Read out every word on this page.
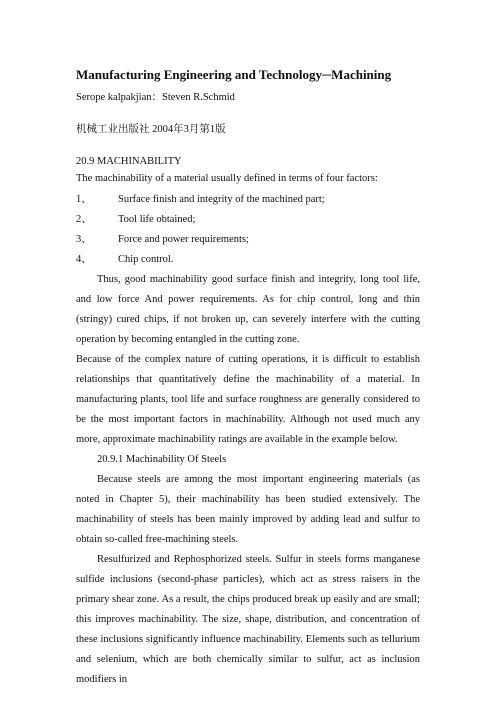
Manufacturing Engineering and Technology─Machining
Serope kalpakjian：Steven R.Schmid
机械工业出版社 2004年3月第1版
20.9 MACHINABILITY

The machinability of a material usually defined in terms of four factors:

1、	Surface finish and integrity of the machined part;
2、	Tool life obtained;
3、	Force and power requirements;
4、	Chip control.

Thus, good machinability good surface finish and integrity, long tool life, and low force And power requirements. As for chip control, long and thin (stringy) cured chips, if not broken up, can severely interfere with the cutting operation by becoming entangled in the cutting zone.

Because of the complex nature of cutting operations, it is difficult to establish relationships that quantitatively define the machinability of a material. In manufacturing plants, tool life and surface roughness are generally considered to be the most important factors in machinability. Although not used much any more, approximate machinability ratings are available in the example below.

20.9.1 Machinability Of Steels

Because steels are among the most important engineering materials (as noted in Chapter 5), their machinability has been studied extensively. The machinability of steels has been mainly improved by adding lead and sulfur to obtain so-called free-machining steels.

Resulfurized and Rephosphorized steels. Sulfur in steels forms manganese sulfide inclusions (second-phase particles), which act as stress raisers in the primary shear zone. As a result, the chips produced break up easily and are small; this improves machinability. The size, shape, distribution, and concentration of these inclusions significantly influence machinability. Elements such as tellurium and selenium, which are both chemically similar to sulfur, act as inclusion modifiers in
